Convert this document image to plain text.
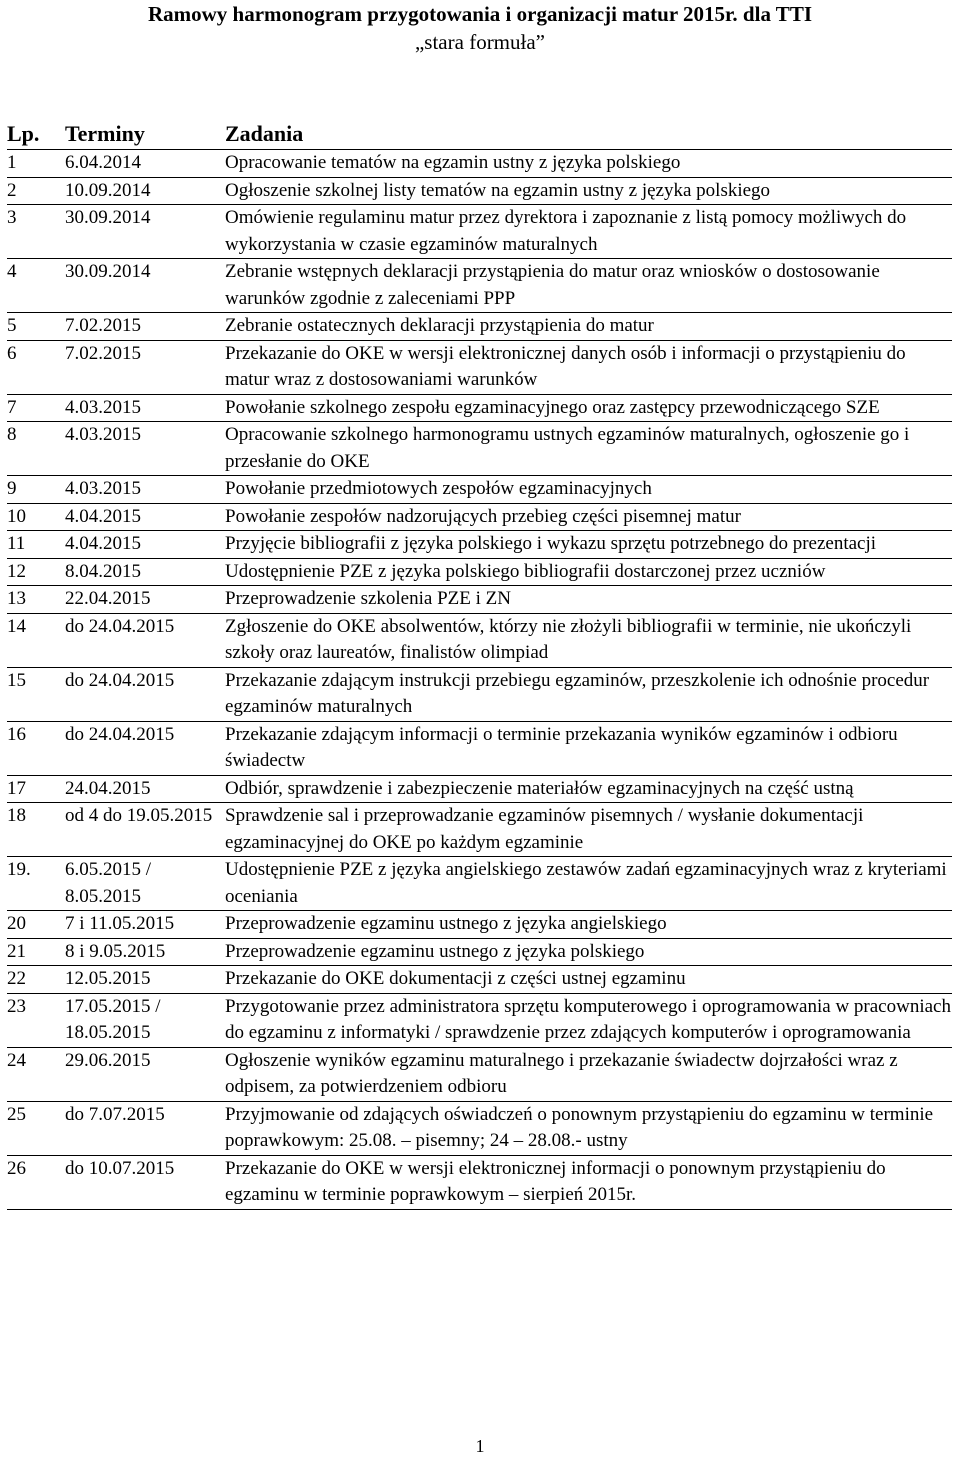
Ramowy harmonogram przygotowania i organizacji matur 2015r. dla TTI
„stara formuła”
Lp.	Terminy	Zadania
1	6.04.2014	Opracowanie tematów na egzamin ustny z języka polskiego
2	10.09.2014	Ogłoszenie szkolnej listy tematów na egzamin ustny z języka polskiego
3	30.09.2014	Omówienie regulaminu matur przez dyrektora i zapoznanie z listą pomocy możliwych do wykorzystania w czasie egzaminów maturalnych
4	30.09.2014	Zebranie wstępnych deklaracji przystąpienia do matur oraz wniosków o dostosowanie warunków zgodnie z zaleceniami PPP
5	7.02.2015	Zebranie ostatecznych deklaracji przystąpienia do matur
6	7.02.2015	Przekazanie do OKE w wersji elektronicznej danych osób i informacji o przystąpieniu do matur wraz z dostosowaniami warunków
7	4.03.2015	Powołanie szkolnego zespołu egzaminacyjnego oraz zastępcy przewodniczącego SZE
8	4.03.2015	Opracowanie szkolnego harmonogramu ustnych egzaminów maturalnych, ogłoszenie go i przesłanie do OKE
9	4.03.2015	Powołanie przedmiotowych zespołów egzaminacyjnych
10	4.04.2015	Powołanie zespołów nadzorujących przebieg części pisemnej matur
11	4.04.2015	Przyjęcie bibliografii z języka polskiego i wykazu sprzętu potrzebnego do prezentacji
12	8.04.2015	Udostępnienie PZE z języka polskiego bibliografii dostarczonej przez uczniów
13	22.04.2015	Przeprowadzenie szkolenia PZE i ZN
14	do 24.04.2015	Zgłoszenie do OKE absolwentów, którzy nie złożyli bibliografii w terminie, nie ukończyli szkoły oraz laureatów, finalistów olimpiad
15	do 24.04.2015	Przekazanie zdającym instrukcji przebiegu egzaminów, przeszkolenie ich odnośnie procedur egzaminów maturalnych
16	do 24.04.2015	Przekazanie zdającym informacji o terminie przekazania wyników egzaminów i odbioru świadectw
17	24.04.2015	Odbiór, sprawdzenie i zabezpieczenie materiałów egzaminacyjnych na część ustną
18	od 4 do 19.05.2015	Sprawdzenie sal i przeprowadzanie egzaminów pisemnych / wysłanie dokumentacji egzaminacyjnej do OKE po każdym egzaminie
19.	6.05.2015 / 8.05.2015	Udostępnienie PZE z języka angielskiego zestawów zadań egzaminacyjnych wraz z kryteriami oceniania
20	7 i 11.05.2015	Przeprowadzenie egzaminu ustnego z języka angielskiego
21	8 i 9.05.2015	Przeprowadzenie egzaminu ustnego z języka polskiego
22	12.05.2015	Przekazanie do OKE dokumentacji z części ustnej egzaminu
23	17.05.2015 / 18.05.2015	Przygotowanie przez administratora sprzętu komputerowego i oprogramowania w pracowniach do egzaminu z informatyki / sprawdzenie przez zdających komputerów i oprogramowania
24	29.06.2015	Ogłoszenie wyników egzaminu maturalnego i przekazanie świadectw dojrzałości wraz z odpisem, za potwierdzeniem odbioru
25	do 7.07.2015	Przyjmowanie od zdających oświadczeń o ponownym przystąpieniu do egzaminu w terminie poprawkowym: 25.08. – pisemny; 24 – 28.08.- ustny
26	do 10.07.2015	Przekazanie do OKE w wersji elektronicznej informacji o ponownym przystąpieniu do egzaminu w terminie poprawkowym – sierpień 2015r.
1
